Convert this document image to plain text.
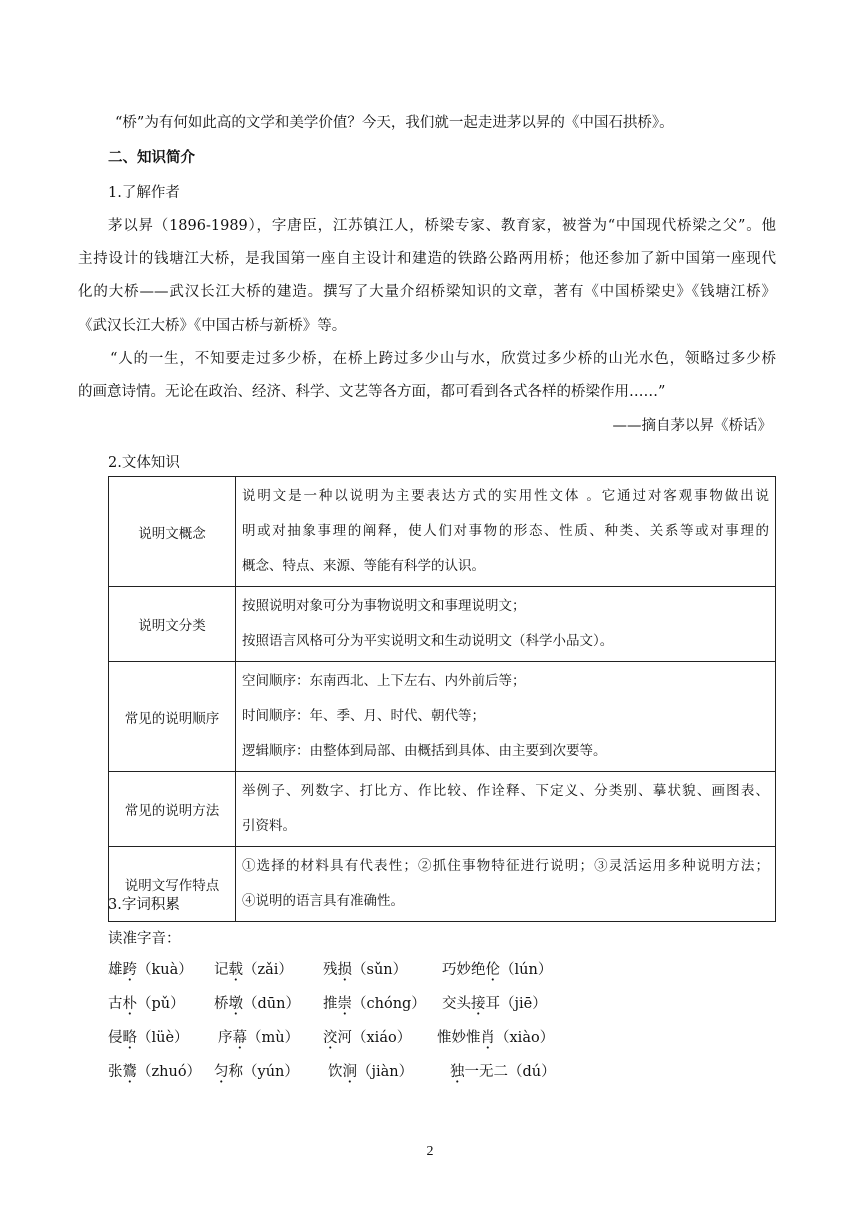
“桥”为有何如此高的文学和美学价值？今天，我们就一起走进茅以昇的《中国石拱桥》。
二、知识简介
1.了解作者
茅以昇（1896-1989），字唐臣，江苏镇江人，桥梁专家、教育家，被誉为“中国现代桥梁之父”。他
主持设计的钱塘江大桥，是我国第一座自主设计和建造的铁路公路两用桥；他还参加了新中国第一座现代
化的大桥——武汉长江大桥的建造。撰写了大量介绍桥梁知识的文章，著有《中国桥梁史》《钱塘江桥》
《武汉长江大桥》《中国古桥与新桥》等。
“人的一生，不知要走过多少桥，在桥上跨过多少山与水，欣赏过多少桥的山光水色，领略过多少桥
的画意诗情。无论在政治、经济、科学、文艺等各方面，都可看到各式各样的桥梁作用……”
——摘自茅以昇《桥话》
2.文体知识
说明文概念	说明文是一种以说明为主要表达方式的实用性文体 。它通过对客观事物做出说
明或对抽象事理的阐释，使人们对事物的形态、性质、种类、关系等或对事理的
概念、特点、来源、等能有科学的认识。

说明文分类	按照说明对象可分为事物说明文和事理说明文；
按照语言风格可分为平实说明文和生动说明文（科学小品文）。

常见的说明顺序	空间顺序：东南西北、上下左右、内外前后等；
时间顺序：年、季、月、时代、朝代等；
逻辑顺序：由整体到局部、由概括到具体、由主要到次要等。

常见的说明方法	举例子、列数字、打比方、作比较、作诠释、下定义、分类别、摹状貌、画图表、
引资料。

说明文写作特点	①选择的材料具有代表性；②抓住事物特征进行说明；③灵活运用多种说明方法；
④说明的语言具有准确性。
3.字词积累
读准字音：
雄跨（kuà） 记载（zǎi） 残损（sǔn） 巧妙绝伦（lún）
古朴（pǔ） 桥墩（dūn） 推崇（chóng） 交头接耳（jiē）
侵略（lüè） 序幕（mù） 洨河（xiáo） 惟妙惟肖（xiào）
张鷟（zhuó） 匀称（yún） 饮涧（jiàn）	独一无二（dú）
2
